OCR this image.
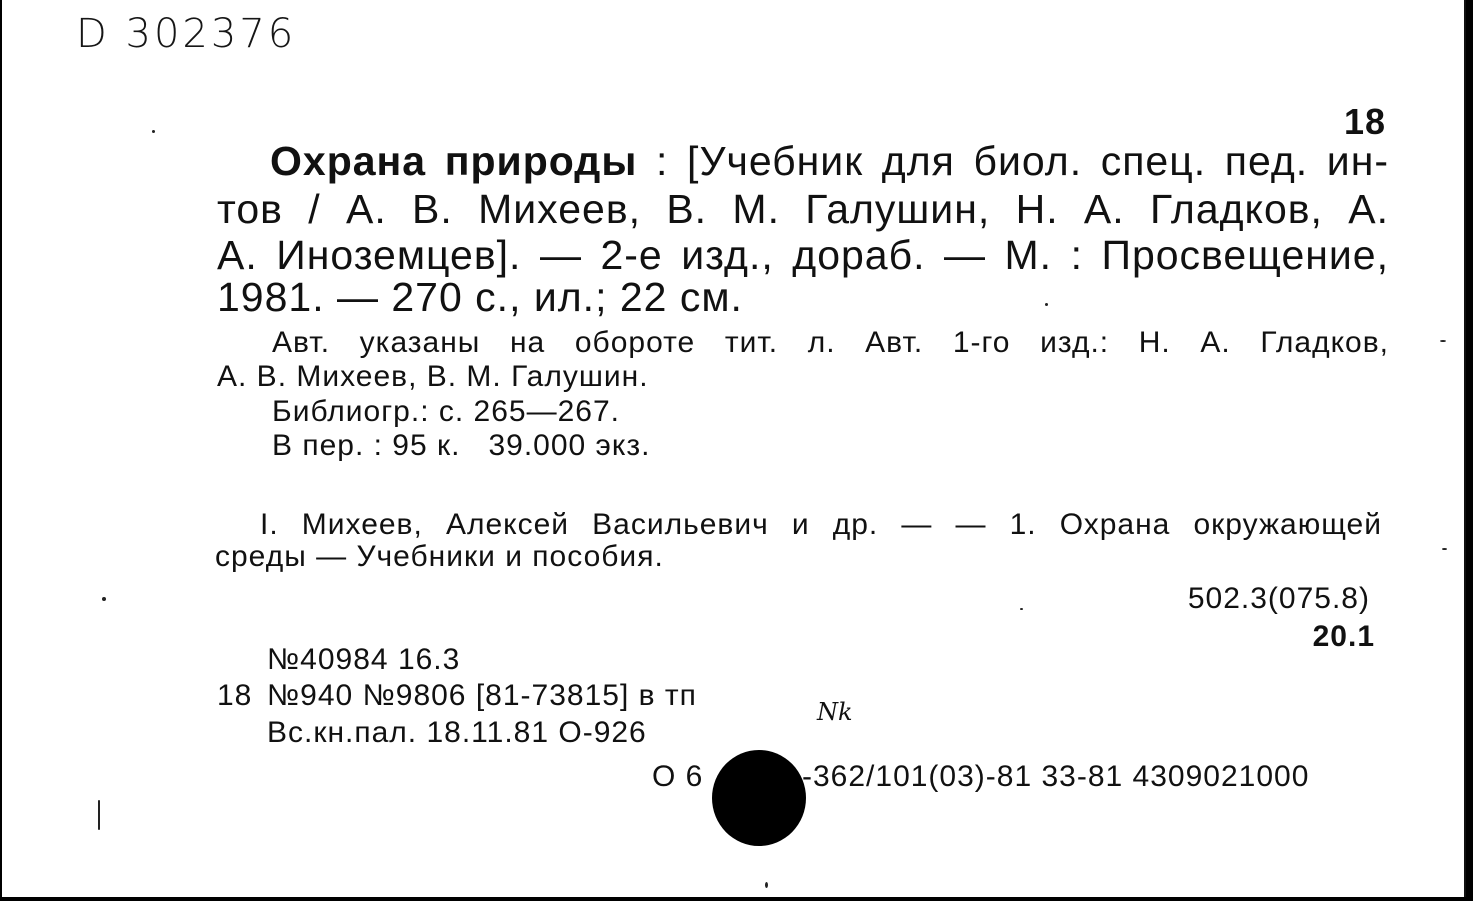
D 302376
18
Охрана природы : [Учебник для биол. спец. пед. ин-
тов / А. В. Михеев, В. М. Галушин, Н. А. Гладков, А.
А. Иноземцев]. — 2-е изд., дораб. — М. : Просвещение,
1981. — 270 с., ил.; 22 см.
Авт. указаны на обороте тит. л. Авт. 1-го изд.: Н. А. Гладков,
А. В. Михеев, В. М. Галушин.
Библиогр.: с. 265—267.
В пер. : 95 к.   39.000 экз.
I. Михеев, Алексей Васильевич и др. — — 1. Охрана окружающей
среды — Учебники и пособия.
502.3(075.8)
20.1
№40984 16.3
18 №940 №9806 [81-73815] в тп
Вс.кн.пал. 18.11.81 О-926
Nk
О 6	-362/101(03)-81 33-81 4309021000
